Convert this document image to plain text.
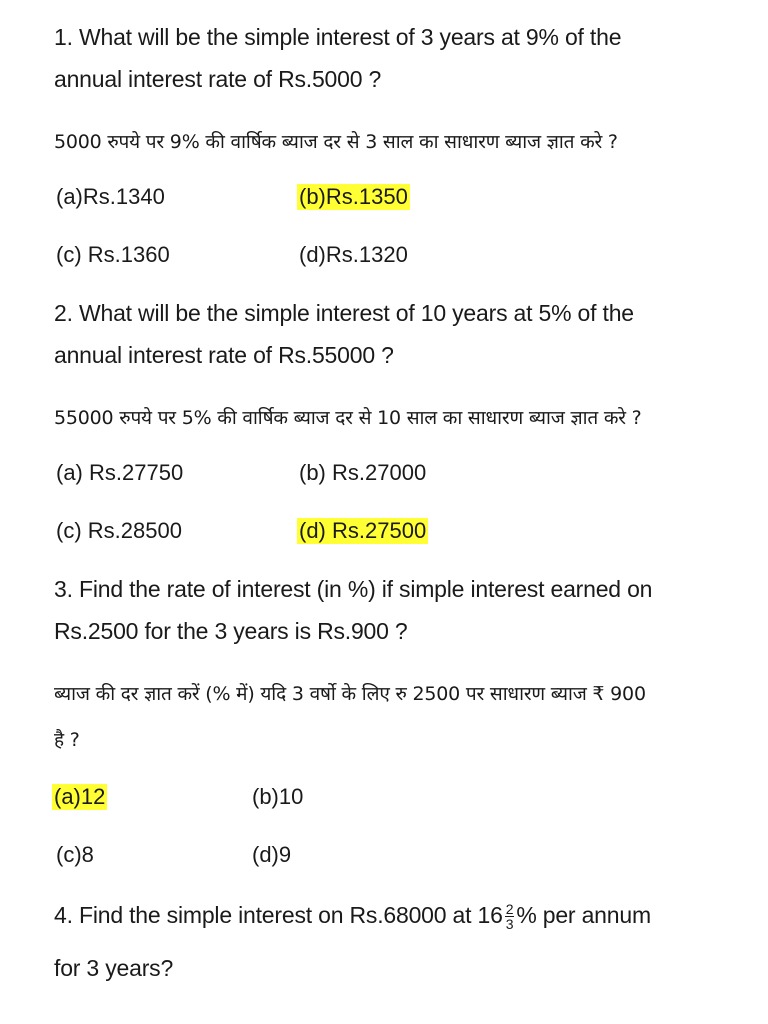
1. What will be the simple interest of 3 years at 9% of the
annual interest rate of Rs.5000 ?
5000 रुपये पर 9% की वार्षिक ब्याज दर से 3 साल का साधारण ब्याज ज्ञात करे ?
(a)Rs.1340	(b)Rs.1350
(c) Rs.1360	(d)Rs.1320
2. What will be the simple interest of 10 years at 5% of the
annual interest rate of Rs.55000 ?
55000 रुपये पर 5% की वार्षिक ब्याज दर से 10 साल का साधारण ब्याज ज्ञात करे ?
(a) Rs.27750	(b) Rs.27000
(c) Rs.28500	(d) Rs.27500
3. Find the rate of interest (in %) if simple interest earned on
Rs.2500 for the 3 years is Rs.900 ?
ब्याज की दर ज्ञात करें (% में) यदि 3 वर्षो के लिए रु 2500 पर साधारण ब्याज ₹ 900
है ?
(a)12	(b)10
(c)8	(d)9
4. Find the simple interest on Rs.68000 at $16 \frac{2}{3}$ % per annum
for 3 years?
